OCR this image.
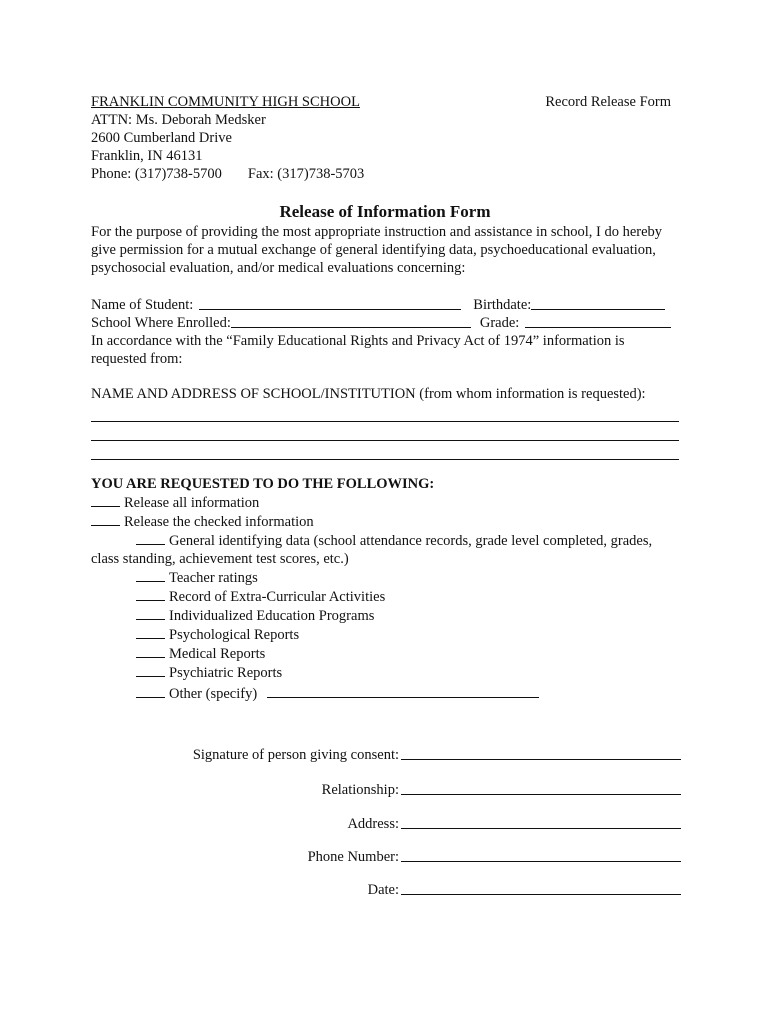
FRANKLIN COMMUNITY HIGH SCHOOL	Record Release Form
ATTN: Ms. Deborah Medsker
2600 Cumberland Drive
Franklin, IN 46131
Phone: (317)738-5700 Fax: (317)738-5703
Release of Information Form
For the purpose of providing the most appropriate instruction and assistance in school, I do hereby give permission for a mutual exchange of general identifying data, psychoeducational evaluation, psychosocial evaluation, and/or medical evaluations concerning:
Name of Student:	Birthdate:
School Where Enrolled:	Grade:
In accordance with the “Family Educational Rights and Privacy Act of 1974” information is requested from:
NAME AND ADDRESS OF SCHOOL/INSTITUTION (from whom information is requested):
YOU ARE REQUESTED TO DO THE FOLLOWING:
Release all information
Release the checked information
General identifying data (school attendance records, grade level completed, grades,
class standing, achievement test scores, etc.)
Teacher ratings
Record of Extra-Curricular Activities
Individualized Education Programs
Psychological Reports
Medical Reports
Psychiatric Reports
Other (specify)
Signature of person giving consent:
Relationship:
Address:
Phone Number:
Date:
